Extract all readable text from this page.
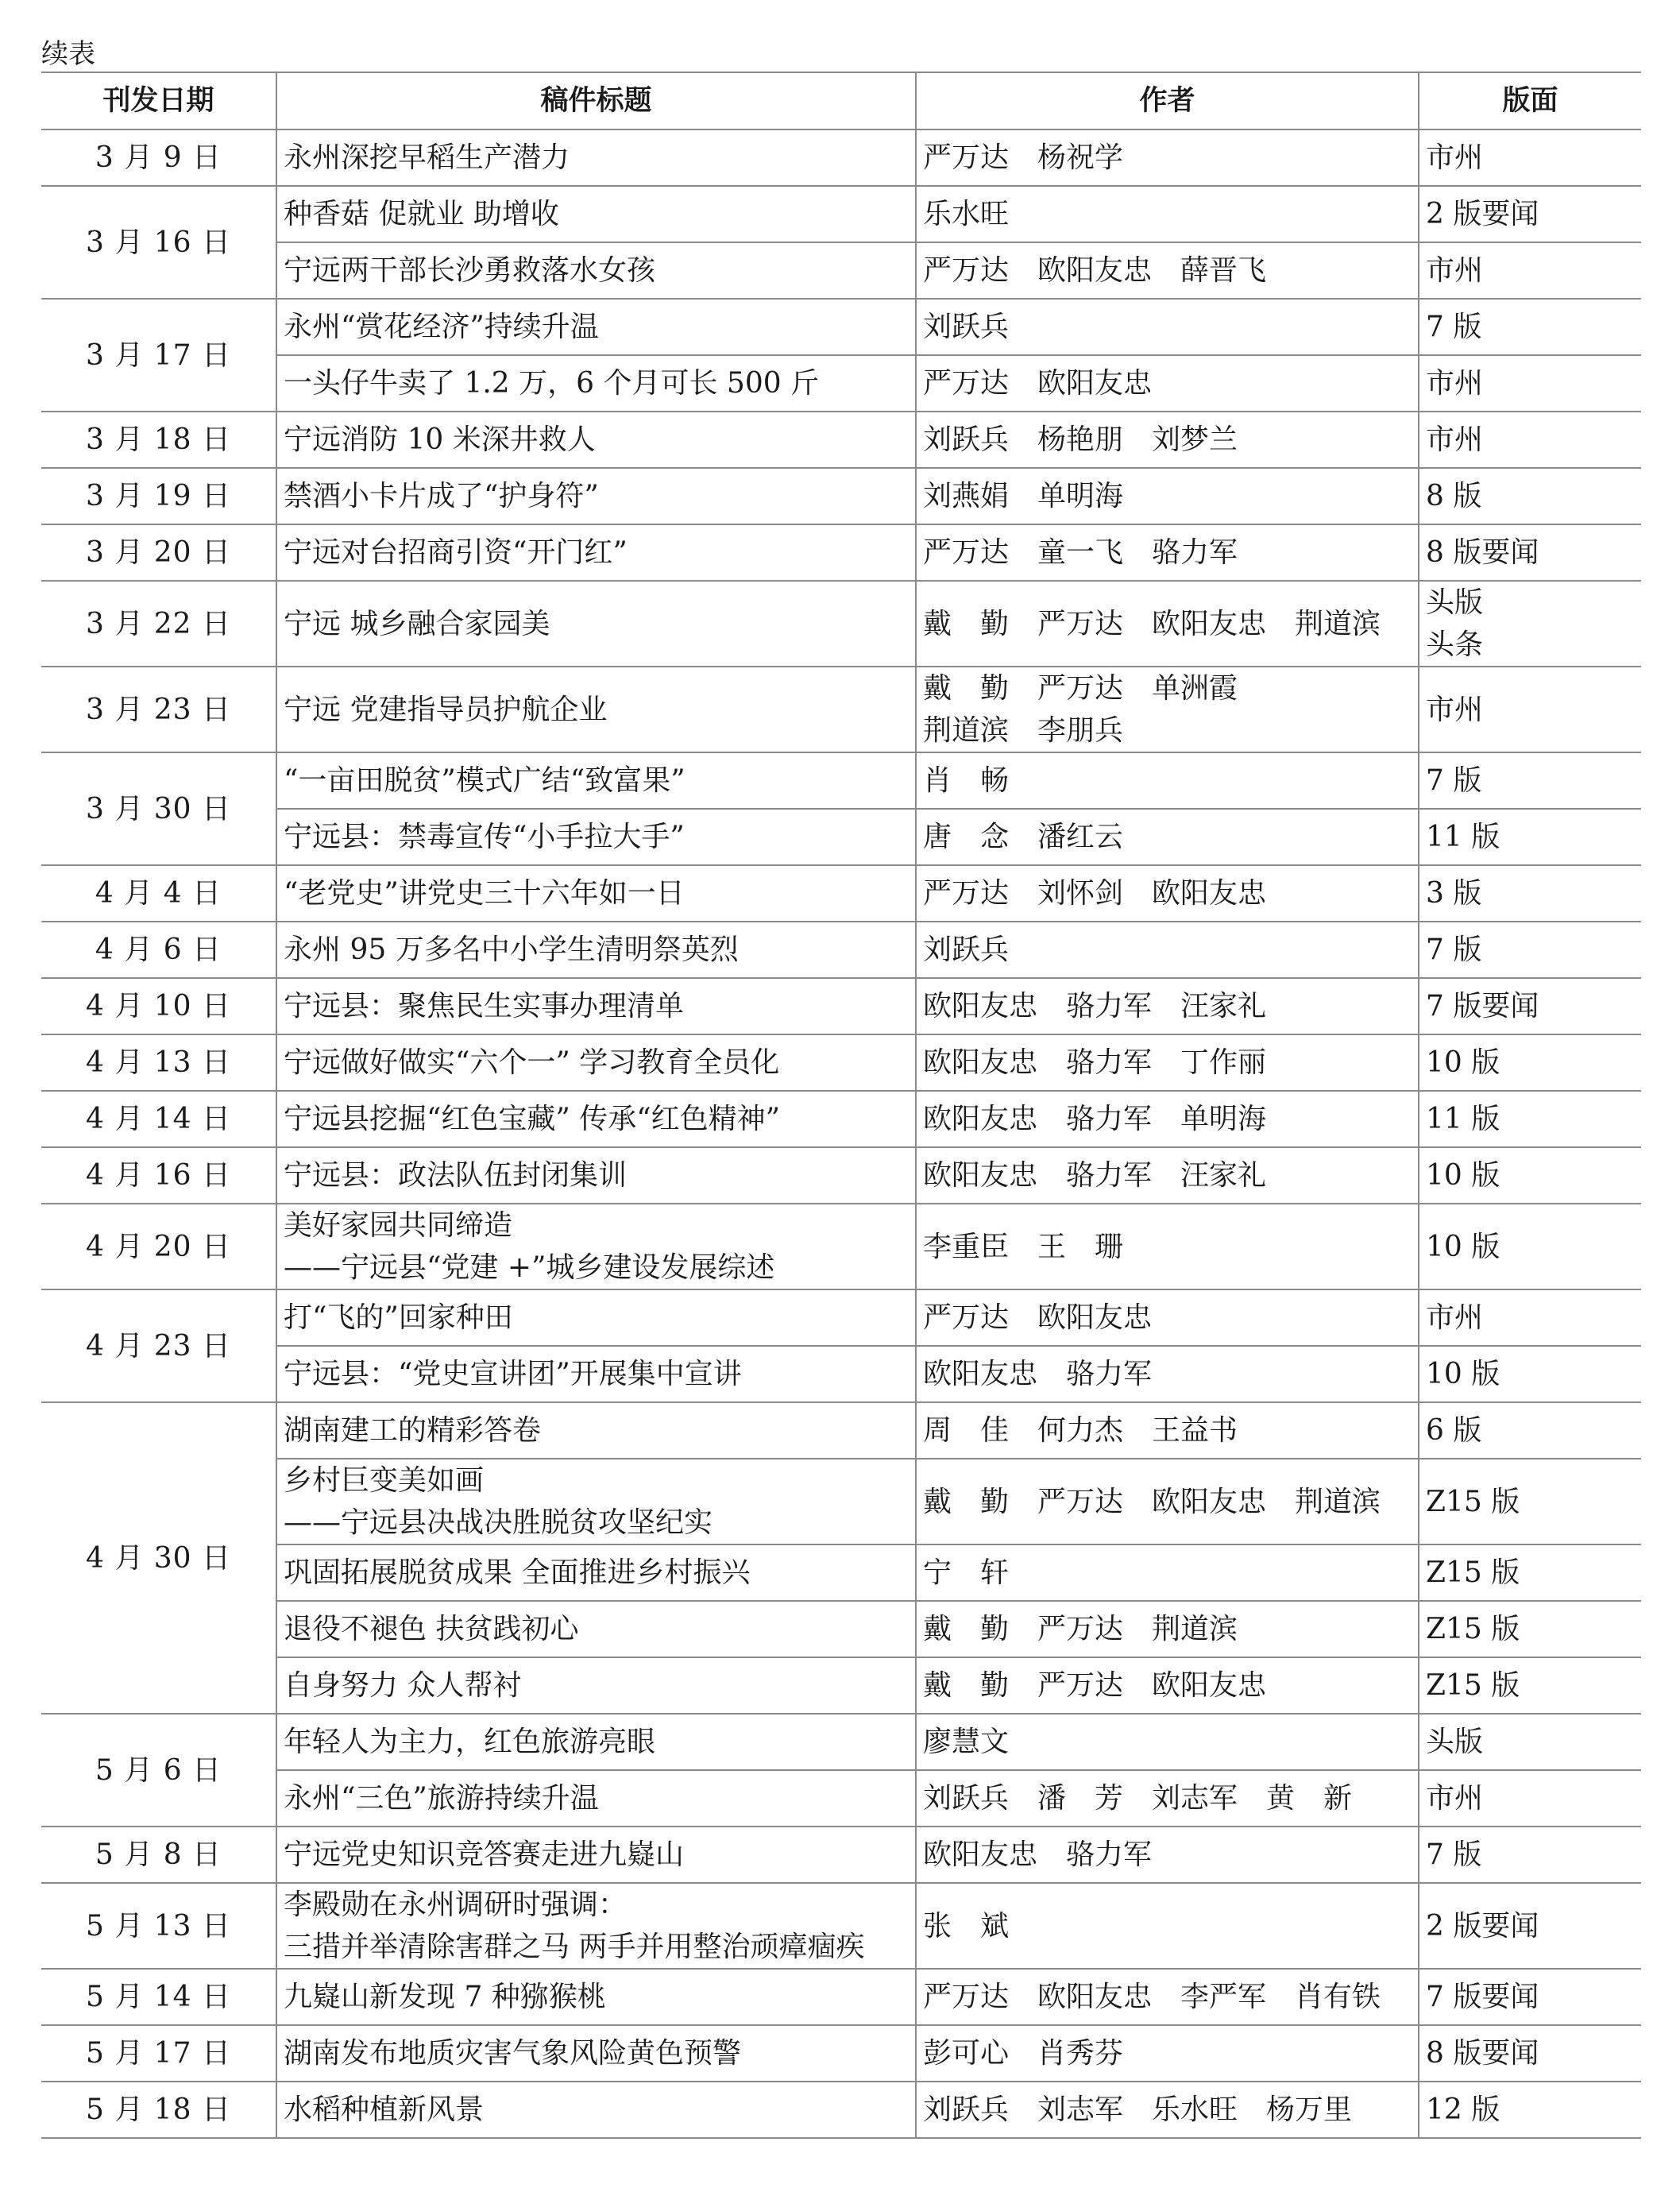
续表
刊发日期	稿件标题	作者	版面
3 月 9 日	永州深挖早稻生产潜力	严万达　杨祝学	市州

3 月 16 日	种香菇 促就业 助增收	乐水旺	2 版要闻

	宁远两干部长沙勇救落水女孩	严万达　欧阳友忠　薛晋飞	市州

3 月 17 日	永州“赏花经济”持续升温	刘跃兵	7 版

	一头仔牛卖了 1.2 万，6 个月可长 500 斤	严万达　欧阳友忠	市州

3 月 18 日	宁远消防 10 米深井救人	刘跃兵　杨艳朋　刘梦兰	市州

3 月 19 日	禁酒小卡片成了“护身符”	刘燕娟　单明海	8 版

3 月 20 日	宁远对台招商引资“开门红”	严万达　童一飞　骆力军	8 版要闻

3 月 22 日	宁远 城乡融合家园美	戴　勤　严万达　欧阳友忠　荆道滨	头版
头条

3 月 23 日	宁远 党建指导员护航企业	戴　勤　严万达　单洲霞
荆道滨　李朋兵	市州

3 月 30 日	“一亩田脱贫”模式广结“致富果”	肖　畅	7 版

	宁远县：禁毒宣传“小手拉大手”	唐　念　潘红云	11 版

4 月 4 日	“老党史”讲党史三十六年如一日	严万达　刘怀剑　欧阳友忠	3 版

4 月 6 日	永州 95 万多名中小学生清明祭英烈	刘跃兵	7 版

4 月 10 日	宁远县：聚焦民生实事办理清单	欧阳友忠　骆力军　汪家礼	7 版要闻

4 月 13 日	宁远做好做实“六个一” 学习教育全员化	欧阳友忠　骆力军　丁作丽	10 版

4 月 14 日	宁远县挖掘“红色宝藏” 传承“红色精神”	欧阳友忠　骆力军　单明海	11 版

4 月 16 日	宁远县：政法队伍封闭集训	欧阳友忠　骆力军　汪家礼	10 版

4 月 20 日	美好家园共同缔造
——宁远县“党建 +”城乡建设发展综述	李重臣　王　珊	10 版

4 月 23 日	打“飞的”回家种田	严万达　欧阳友忠	市州

	宁远县：“党史宣讲团”开展集中宣讲	欧阳友忠　骆力军	10 版

4 月 30 日	湖南建工的精彩答卷	周　佳　何力杰　王益书	6 版

	乡村巨变美如画
——宁远县决战决胜脱贫攻坚纪实	戴　勤　严万达　欧阳友忠　荆道滨	Z15 版

	巩固拓展脱贫成果 全面推进乡村振兴	宁　轩	Z15 版

	退役不褪色 扶贫践初心	戴　勤　严万达　荆道滨	Z15 版

	自身努力 众人帮衬	戴　勤　严万达　欧阳友忠	Z15 版

5 月 6 日	年轻人为主力，红色旅游亮眼	廖慧文	头版

	永州“三色”旅游持续升温	刘跃兵　潘　芳　刘志军　黄　新	市州

5 月 8 日	宁远党史知识竞答赛走进九嶷山	欧阳友忠　骆力军	7 版

5 月 13 日	李殿勋在永州调研时强调：
三措并举清除害群之马 两手并用整治顽瘴痼疾	张　斌	2 版要闻

5 月 14 日	九嶷山新发现 7 种猕猴桃	严万达　欧阳友忠　李严军　肖有铁	7 版要闻

5 月 17 日	湖南发布地质灾害气象风险黄色预警	彭可心　肖秀芬	8 版要闻

5 月 18 日	水稻种植新风景	刘跃兵　刘志军　乐水旺　杨万里	12 版
